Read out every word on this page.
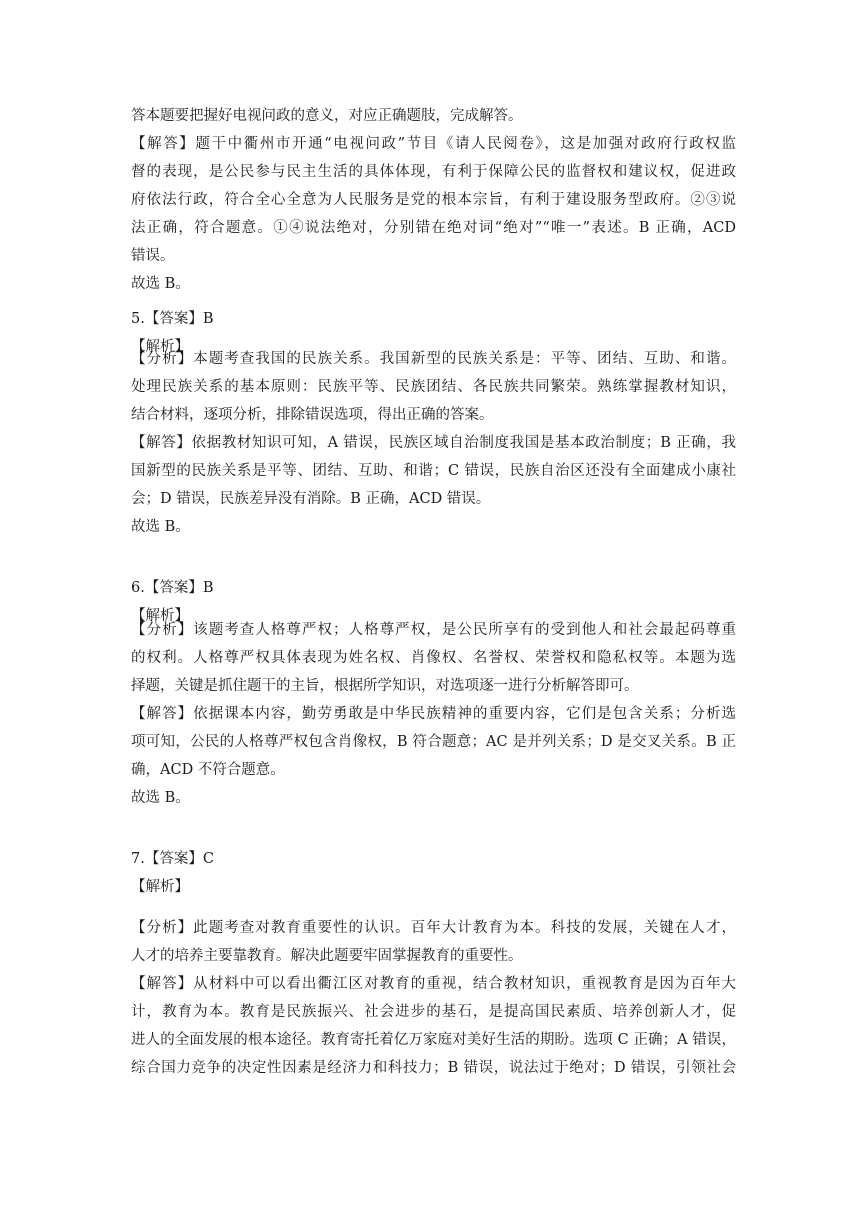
答本题要把握好电视问政的意义，对应正确题肢，完成解答。
【解答】题干中衢州市开通“电视问政”节目《请人民阅卷》，这是加强对政府行政权监
督的表现，是公民参与民主生活的具体体现，有利于保障公民的监督权和建议权，促进政
府依法行政，符合全心全意为人民服务是党的根本宗旨，有利于建设服务型政府。②③说
法正确，符合题意。①④说法绝对，分别错在绝对词“绝对”“唯一”表述。B 正确，ACD
错误。
故选 B。
5.【答案】B
【解析】
【分析】本题考查我国的民族关系。我国新型的民族关系是：平等、团结、互助、和谐。
处理民族关系的基本原则：民族平等、民族团结、各民族共同繁荣。熟练掌握教材知识，
结合材料，逐项分析，排除错误选项，得出正确的答案。
【解答】依据教材知识可知，A 错误，民族区域自治制度我国是基本政治制度；B 正确，我
国新型的民族关系是平等、团结、互助、和谐；C 错误，民族自治区还没有全面建成小康社
会；D 错误，民族差异没有消除。B 正确，ACD 错误。
故选 B。
6.【答案】B
【解析】
【分析】该题考查人格尊严权；人格尊严权，是公民所享有的受到他人和社会最起码尊重
的权利。人格尊严权具体表现为姓名权、肖像权、名誉权、荣誉权和隐私权等。本题为选
择题，关键是抓住题干的主旨，根据所学知识，对选项逐一进行分析解答即可。
【解答】依据课本内容，勤劳勇敢是中华民族精神的重要内容，它们是包含关系；分析选
项可知，公民的人格尊严权包含肖像权，B 符合题意；AC 是并列关系；D 是交叉关系。B 正
确，ACD 不符合题意。
故选 B。
7.【答案】C
【解析】
【分析】此题考查对教育重要性的认识。百年大计教育为本。科技的发展，关键在人才，
人才的培养主要靠教育。解决此题要牢固掌握教育的重要性。
【解答】从材料中可以看出衢江区对教育的重视，结合教材知识，重视教育是因为百年大
计，教育为本。教育是民族振兴、社会进步的基石，是提高国民素质、培养创新人才，促
进人的全面发展的根本途径。教育寄托着亿万家庭对美好生活的期盼。选项 C 正确；A 错误，
综合国力竞争的决定性因素是经济力和科技力；B 错误，说法过于绝对；D 错误，引领社会
